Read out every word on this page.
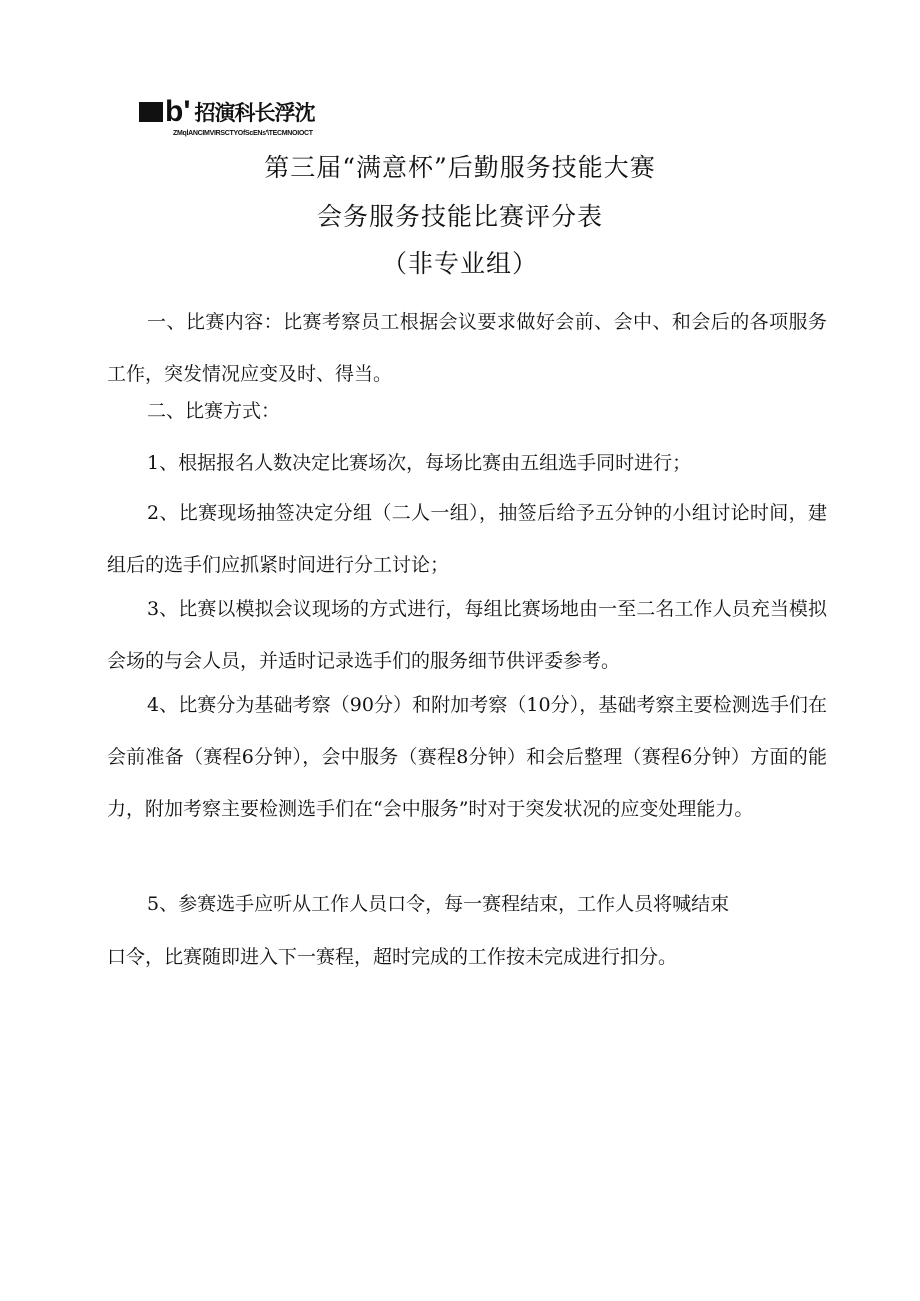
b' 招演科长浮沈
ZMqlANCIMVIRSCTYOfScENs'\TECMNOIOCT
第三届“满意杯”后勤服务技能大赛
会务服务技能比赛评分表
（非专业组）
一、比赛内容：比赛考察员工根据会议要求做好会前、会中、和会后的各项服务工作，突发情况应变及时、得当。
二、比赛方式：
1、根据报名人数决定比赛场次，每场比赛由五组选手同时进行；
2、比赛现场抽签决定分组（二人一组），抽签后给予五分钟的小组讨论时间，建组后的选手们应抓紧时间进行分工讨论；
3、比赛以模拟会议现场的方式进行，每组比赛场地由一至二名工作人员充当模拟会场的与会人员，并适时记录选手们的服务细节供评委参考。
4、比赛分为基础考察（90分）和附加考察（10分），基础考察主要检测选手们在会前准备（赛程6分钟），会中服务（赛程8分钟）和会后整理（赛程6分钟）方面的能力，附加考察主要检测选手们在“会中服务”时对于突发状况的应变处理能力。
5、参赛选手应听从工作人员口令，每一赛程结束，工作人员将喊结束
口令，比赛随即进入下一赛程，超时完成的工作按未完成进行扣分。
